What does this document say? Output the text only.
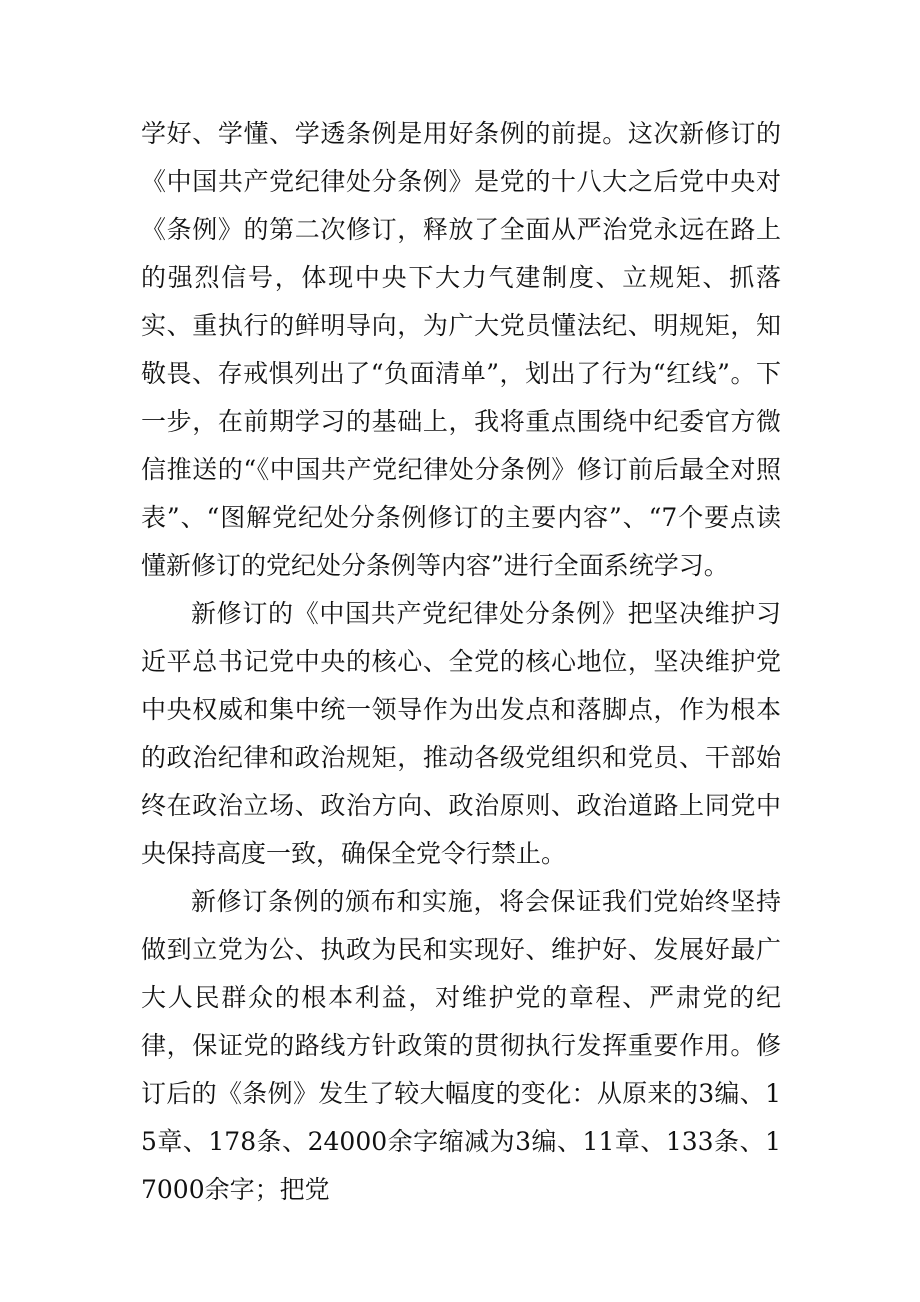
学好、学懂、学透条例是用好条例的前提。这次新修订的《中国共产党纪律处分条例》是党的十八大之后党中央对《条例》的第二次修订，释放了全面从严治党永远在路上的强烈信号，体现中央下大力气建制度、立规矩、抓落实、重执行的鲜明导向，为广大党员懂法纪、明规矩，知敬畏、存戒惧列出了“负面清单”，划出了行为“红线”。下一步，在前期学习的基础上，我将重点围绕中纪委官方微信推送的“《中国共产党纪律处分条例》修订前后最全对照表”、“图解党纪处分条例修订的主要内容”、“7个要点读懂新修订的党纪处分条例等内容”进行全面系统学习。

新修订的《中国共产党纪律处分条例》把坚决维护习近平总书记党中央的核心、全党的核心地位，坚决维护党中央权威和集中统一领导作为出发点和落脚点，作为根本的政治纪律和政治规矩，推动各级党组织和党员、干部始终在政治立场、政治方向、政治原则、政治道路上同党中央保持高度一致，确保全党令行禁止。

新修订条例的颁布和实施，将会保证我们党始终坚持做到立党为公、执政为民和实现好、维护好、发展好最广大人民群众的根本利益，对维护党的章程、严肃党的纪律，保证党的路线方针政策的贯彻执行发挥重要作用。修订后的《条例》发生了较大幅度的变化：从原来的3编、15章、178条、24000余字缩减为3编、11章、133条、17000余字；把党
